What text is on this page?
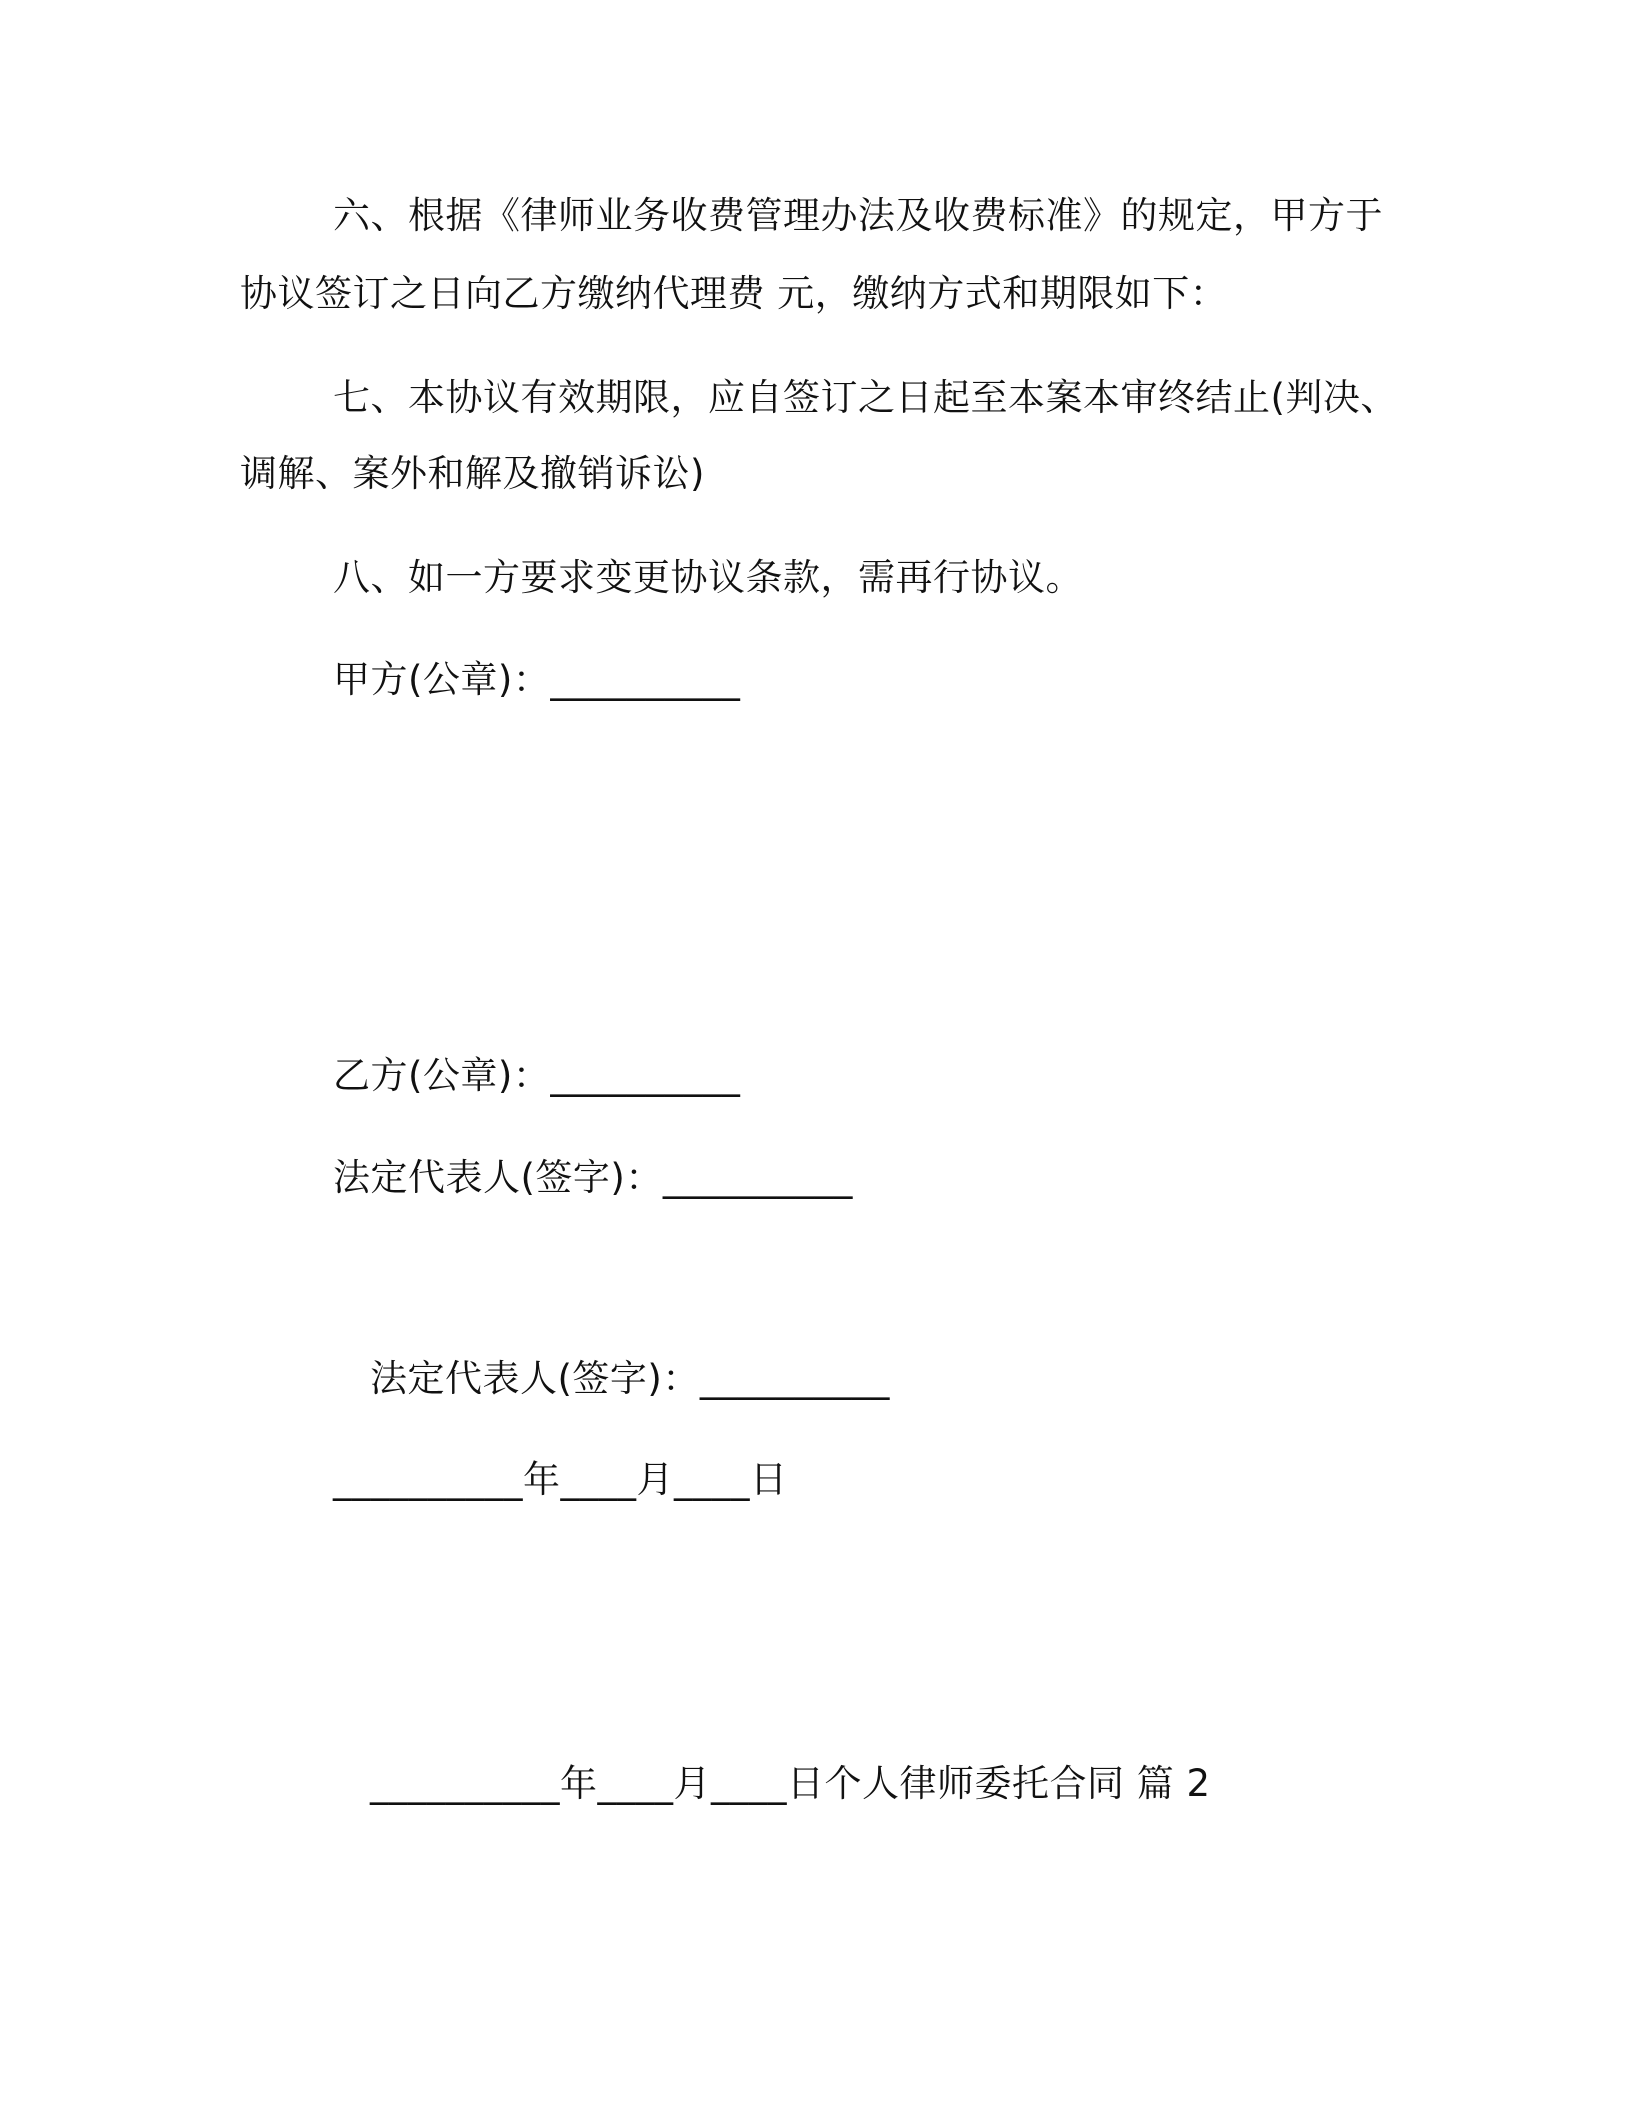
六、根据《律师业务收费管理办法及收费标准》的规定，甲方于
协议签订之日向乙方缴纳代理费 元，缴纳方式和期限如下：
七、本协议有效期限，应自签订之日起至本案本审终结止(判决、
调解、案外和解及撤销诉讼)
八、如一方要求变更协议条款，需再行协议。
甲方(公章)：__________
乙方(公章)：__________
法定代表人(签字)：__________
法定代表人(签字)：__________
__________年____月____日
__________年____月____日个人律师委托合同 篇 2
